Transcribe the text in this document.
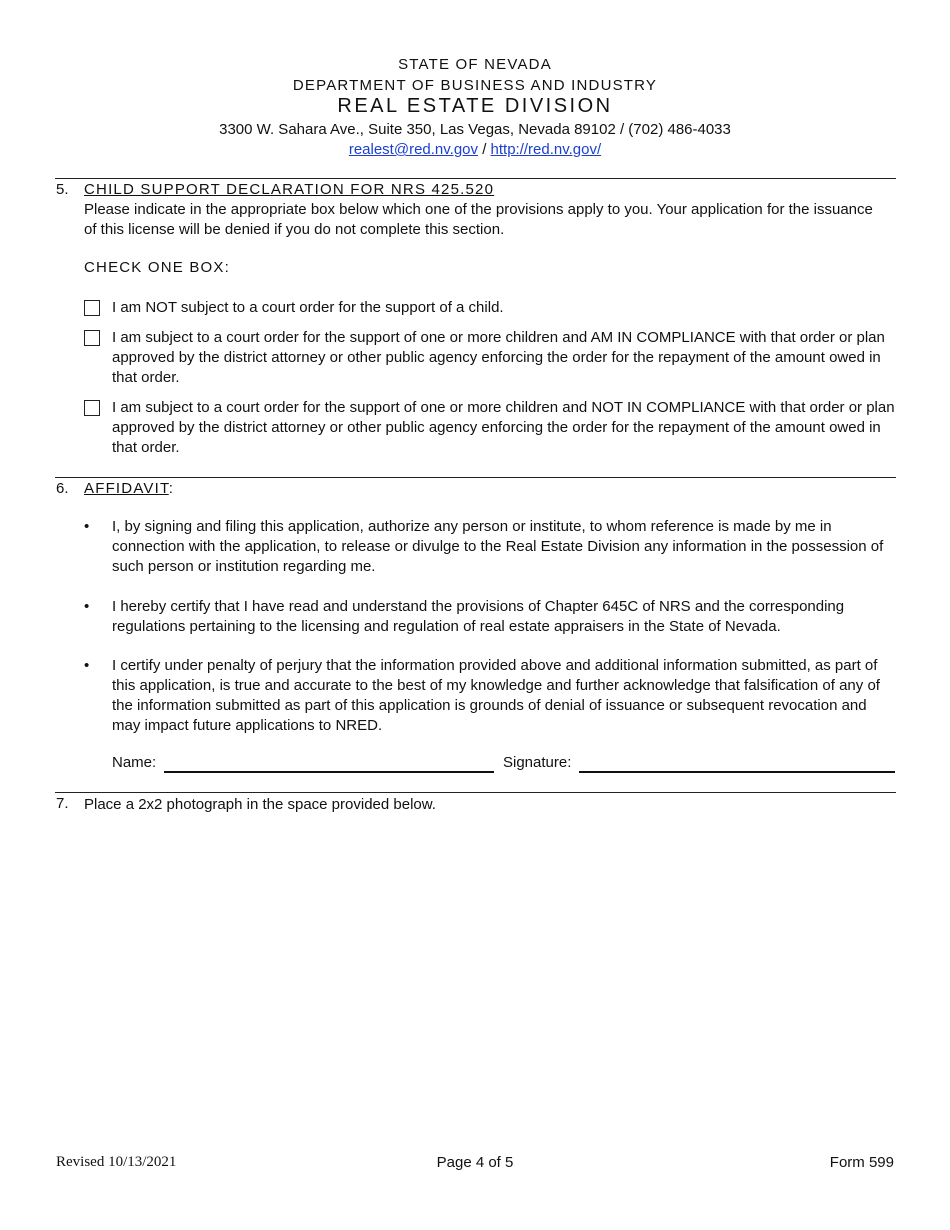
STATE OF NEVADA
DEPARTMENT OF BUSINESS AND INDUSTRY
REAL ESTATE DIVISION
3300 W. Sahara Ave., Suite 350, Las Vegas, Nevada 89102 / (702) 486-4033
realest@red.nv.gov / http://red.nv.gov/
5. CHILD SUPPORT DECLARATION FOR NRS 425.520
Please indicate in the appropriate box below which one of the provisions apply to you. Your application for the issuance of this license will be denied if you do not complete this section.
CHECK ONE BOX:
I am NOT subject to a court order for the support of a child.
I am subject to a court order for the support of one or more children and AM IN COMPLIANCE with that order or plan approved by the district attorney or other public agency enforcing the order for the repayment of the amount owed in that order.
I am subject to a court order for the support of one or more children and NOT IN COMPLIANCE with that order or plan approved by the district attorney or other public agency enforcing the order for the repayment of the amount owed in that order.
6. AFFIDAVIT:
• I, by signing and filing this application, authorize any person or institute, to whom reference is made by me in connection with the application, to release or divulge to the Real Estate Division any information in the possession of such person or institution regarding me.
• I hereby certify that I have read and understand the provisions of Chapter 645C of NRS and the corresponding regulations pertaining to the licensing and regulation of real estate appraisers in the State of Nevada.
• I certify under penalty of perjury that the information provided above and additional information submitted, as part of this application, is true and accurate to the best of my knowledge and further acknowledge that falsification of any of the information submitted as part of this application is grounds of denial of issuance or subsequent revocation and may impact future applications to NRED.
Name:	Signature:
7. Place a 2x2 photograph in the space provided below.
Revised 10/13/2021	Page 4 of 5	Form 599
